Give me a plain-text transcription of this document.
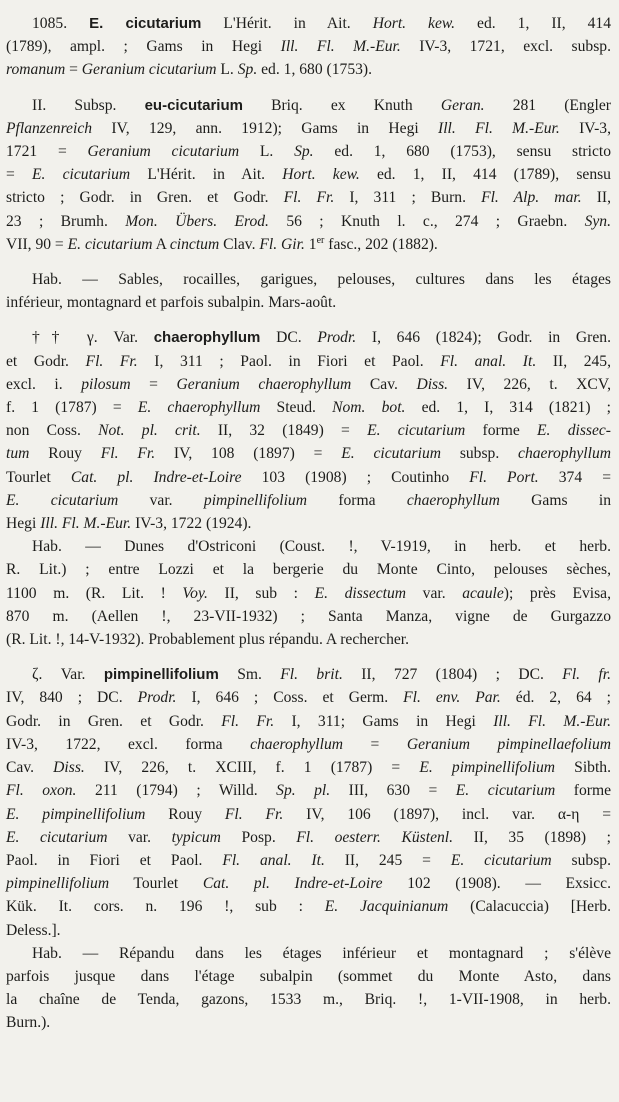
1085. E. cicutarium L'Hérit. in Ait. Hort. kew. ed. 1, II, 414
(1789), ampl. ; Gams in Hegi Ill. Fl. M.-Eur. IV-3, 1721, excl. subsp.
romanum = Geranium cicutarium L. Sp. ed. 1, 680 (1753).
II. Subsp. eu-cicutarium Briq. ex Knuth Geran. 281 (Engler
Pflanzenreich IV, 129, ann. 1912); Gams in Hegi Ill. Fl. M.-Eur. IV-3,
1721 = Geranium cicutarium L. Sp. ed. 1, 680 (1753), sensu stricto
= E. cicutarium L'Hérit. in Ait. Hort. kew. ed. 1, II, 414 (1789), sensu
stricto ; Godr. in Gren. et Godr. Fl. Fr. I, 311 ; Burn. Fl. Alp. mar. II,
23 ; Brumh. Mon. Übers. Erod. 56 ; Knuth l. c., 274 ; Graebn. Syn.
VII, 90 = E. cicutarium A cinctum Clav. Fl. Gir. 1er fasc., 202 (1882).
Hab. — Sables, rocailles, garigues, pelouses, cultures dans les étages
inférieur, montagnard et parfois subalpin. Mars-août.
†† γ. Var. chaerophyllum DC. Prodr. I, 646 (1824); Godr. in Gren.
et Godr. Fl. Fr. I, 311 ; Paol. in Fiori et Paol. Fl. anal. It. II, 245,
excl. i. pilosum = Geranium chaerophyllum Cav. Diss. IV, 226, t. XCV,
f. 1 (1787) = E. chaerophyllum Steud. Nom. bot. ed. 1, I, 314 (1821) ;
non Coss. Not. pl. crit. II, 32 (1849) = E. cicutarium forme E. dissec-
tum Rouy Fl. Fr. IV, 108 (1897) = E. cicutarium subsp. chaerophyllum
Tourlet Cat. pl. Indre-et-Loire 103 (1908) ; Coutinho Fl. Port. 374 =
E. cicutarium var. pimpinellifolium forma chaerophyllum Gams in
Hegi Ill. Fl. M.-Eur. IV-3, 1722 (1924).
Hab. — Dunes d'Ostriconi (Coust. !, V-1919, in herb. et herb.
R. Lit.) ; entre Lozzi et la bergerie du Monte Cinto, pelouses sèches,
1100 m. (R. Lit. ! Voy. II, sub : E. dissectum var. acaule); près Evisa,
870 m. (Aellen !, 23-VII-1932) ; Santa Manza, vigne de Gurgazzo
(R. Lit. !, 14-V-1932). Probablement plus répandu. A rechercher.
ζ. Var. pimpinellifolium Sm. Fl. brit. II, 727 (1804) ; DC. Fl. fr.
IV, 840 ; DC. Prodr. I, 646 ; Coss. et Germ. Fl. env. Par. éd. 2, 64 ;
Godr. in Gren. et Godr. Fl. Fr. I, 311; Gams in Hegi Ill. Fl. M.-Eur.
IV-3, 1722, excl. forma chaerophyllum = Geranium pimpinellaefolium
Cav. Diss. IV, 226, t. XCIII, f. 1 (1787) = E. pimpinellifolium Sibth.
Fl. oxon. 211 (1794) ; Willd. Sp. pl. III, 630 = E. cicutarium forme
E. pimpinellifolium Rouy Fl. Fr. IV, 106 (1897), incl. var. α-η =
E. cicutarium var. typicum Posp. Fl. oesterr. Küstenl. II, 35 (1898) ;
Paol. in Fiori et Paol. Fl. anal. It. II, 245 = E. cicutarium subsp.
pimpinellifolium Tourlet Cat. pl. Indre-et-Loire 102 (1908). — Exsicc.
Kük. It. cors. n. 196 !, sub : E. Jacquinianum (Calacuccia) [Herb.
Deless.].
Hab. — Répandu dans les étages inférieur et montagnard ; s'élève
parfois jusque dans l'étage subalpin (sommet du Monte Asto, dans
la chaîne de Tenda, gazons, 1533 m., Briq. !, 1-VII-1908, in herb.
Burn.).
